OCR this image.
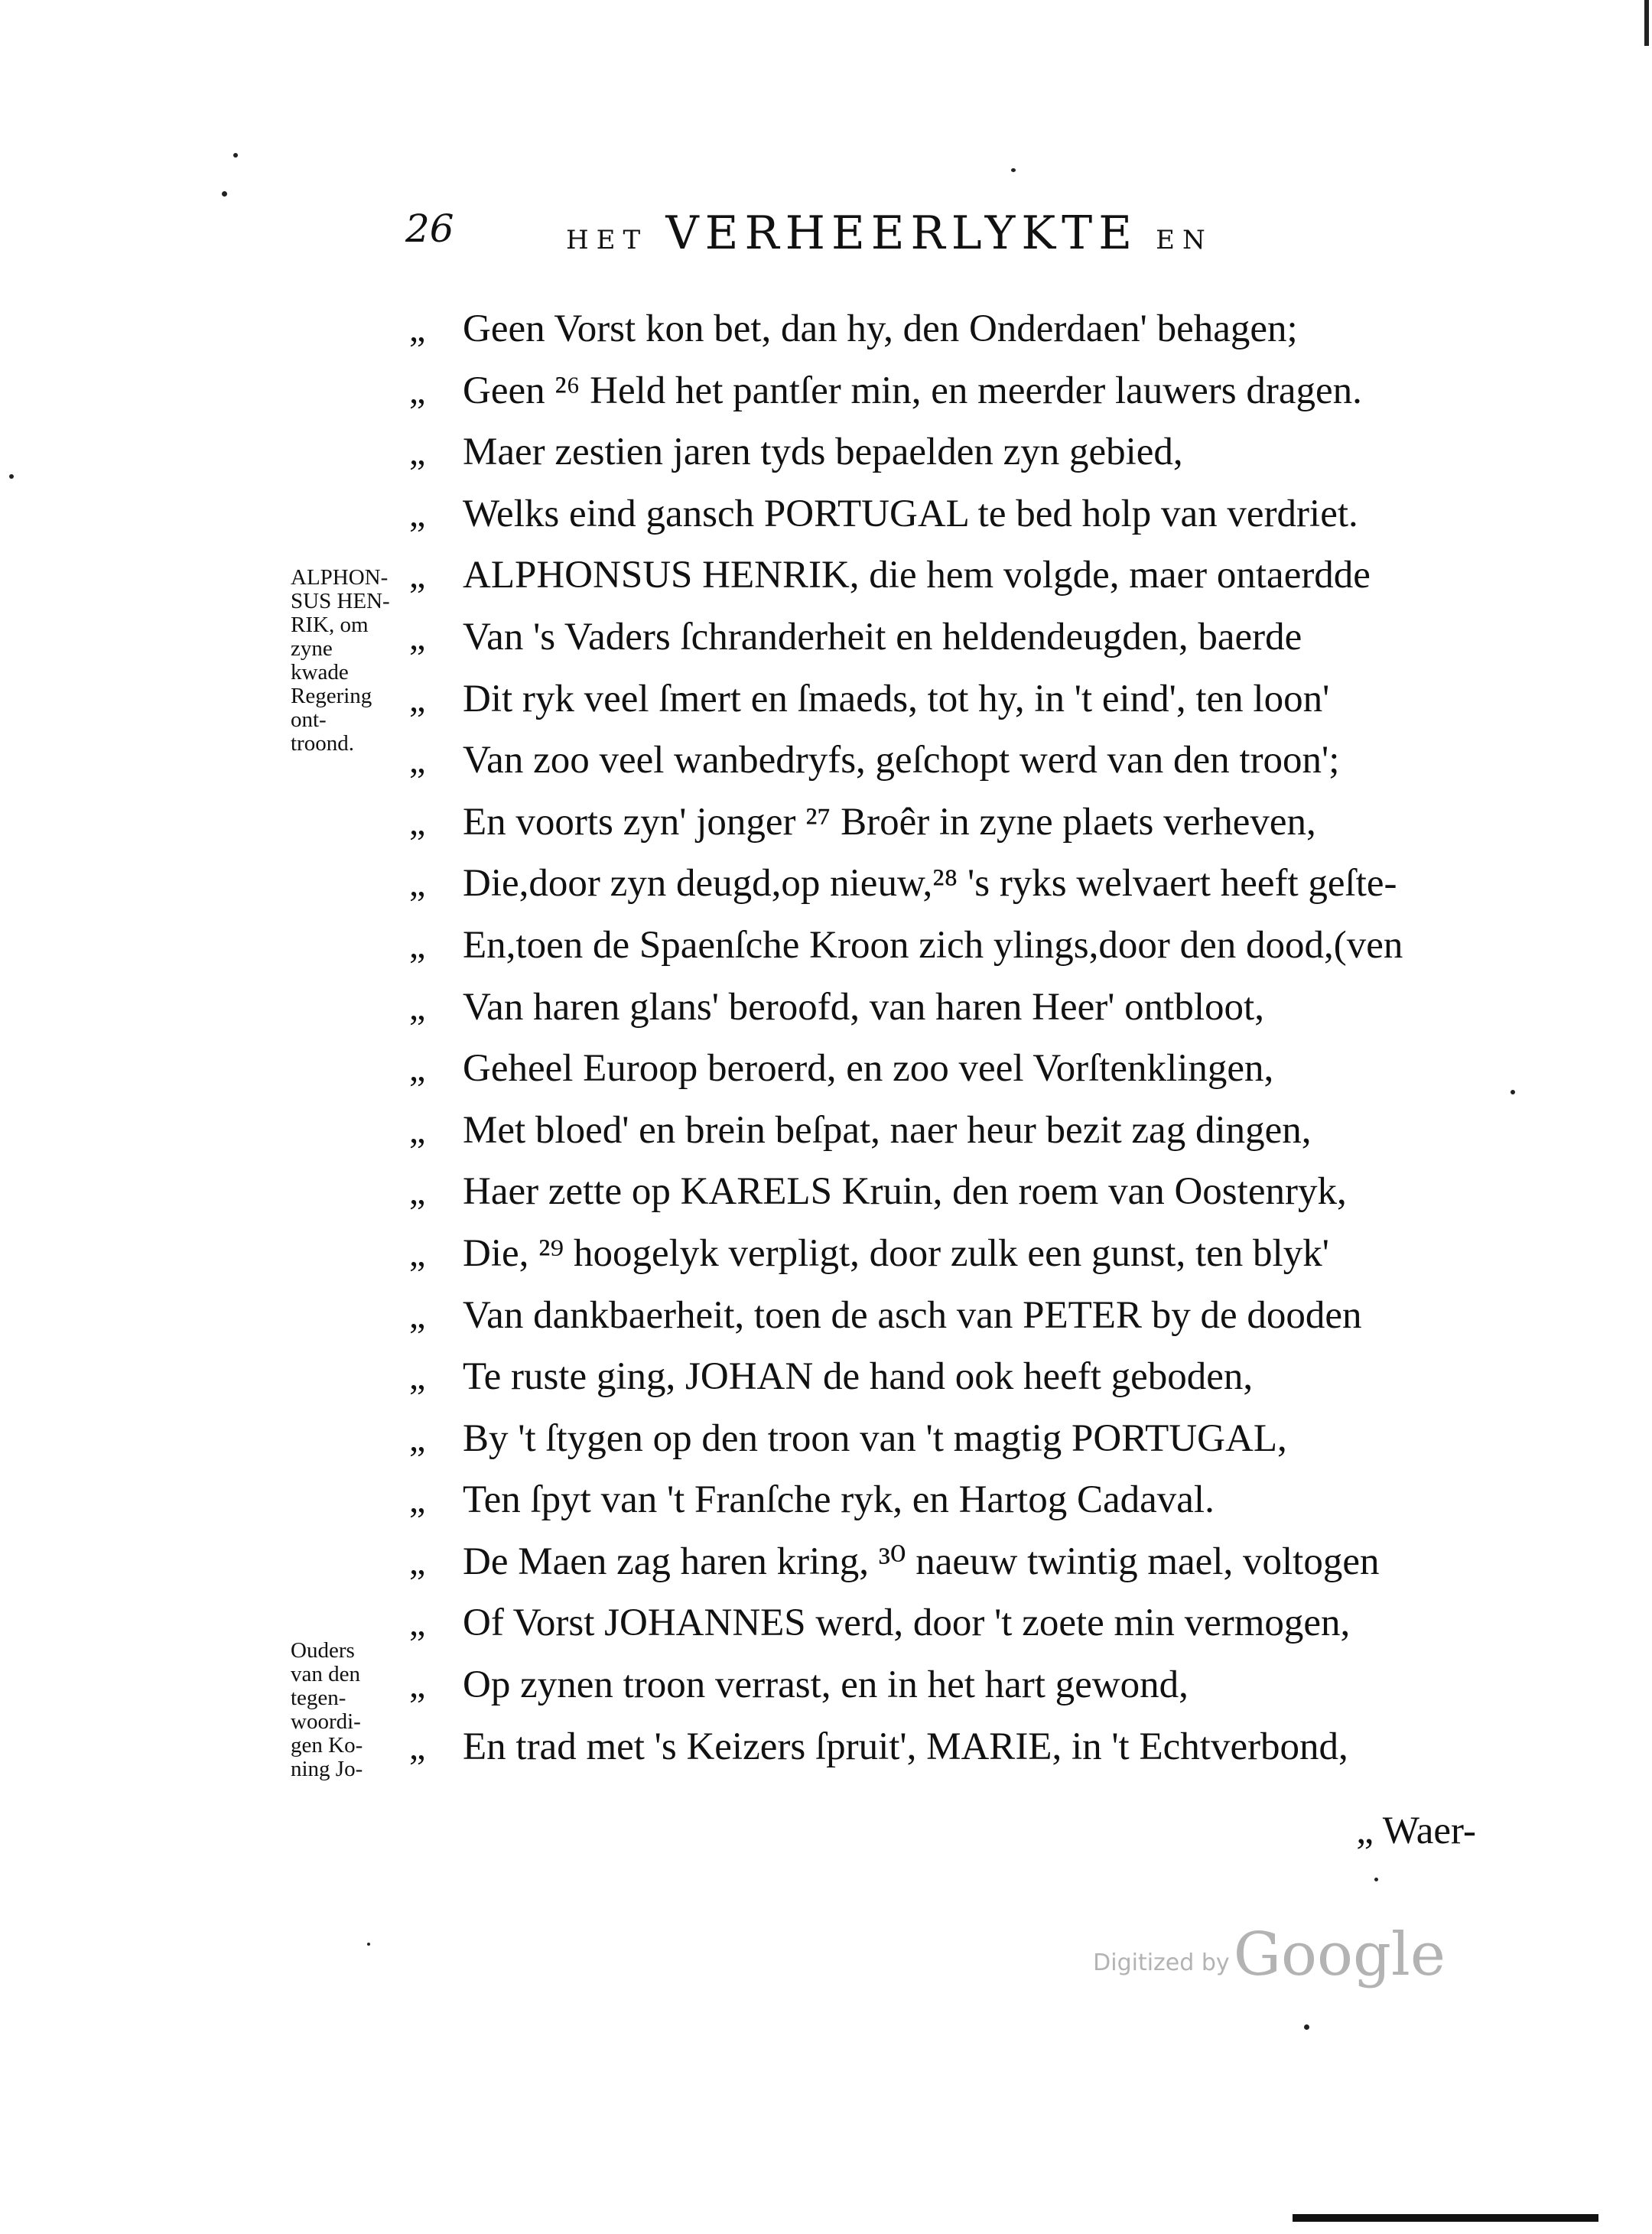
26	HET VERHEERLYKTE EN
ALPHON-
SUS HEN-
RIK, om
zyne
kwade
Regering
ont-
troond.
Ouders
van den
tegen-
woordi-
gen Ko-
ning Jo-
„ Geen Vorst kon bet, dan hy, den Onderdaen' behagen;
„ Geen ²⁶ Held het pantſer min, en meerder lauwers dragen.
„ Maer zestien jaren tyds bepaelden zyn gebied,
„ Welks eind gansch PORTUGAL te bed holp van verdriet.
„ ALPHONSUS HENRIK, die hem volgde, maer ontaerdde
„ Van 's Vaders ſchranderheit en heldendeugden, baerde
„ Dit ryk veel ſmert en ſmaeds, tot hy, in 't eind', ten loon'
„ Van zoo veel wanbedryfs, geſchopt werd van den troon';
„ En voorts zyn' jonger ²⁷ Broêr in zyne plaets verheven,
„ Die,door zyn deugd,op nieuw,²⁸ 's ryks welvaert heeft geſte-
„ En,toen de Spaenſche Kroon zich ylings,door den dood,(ven
„ Van haren glans' beroofd, van haren Heer' ontbloot,
„ Geheel Euroop beroerd, en zoo veel Vorſtenklingen,
„ Met bloed' en brein beſpat, naer heur bezit zag dingen,
„ Haer zette op KARELS Kruin, den roem van Oostenryk,
„ Die, ²⁹ hoogelyk verpligt, door zulk een gunst, ten blyk'
„ Van dankbaerheit, toen de asch van PETER by de dooden
„ Te ruste ging, JOHAN de hand ook heeft geboden,
„ By 't ſtygen op den troon van 't magtig PORTUGAL,
„ Ten ſpyt van 't Franſche ryk, en Hartog Cadaval.
„ De Maen zag haren kring, ³⁰ naeuw twintig mael, voltogen
„ Of Vorst JOHANNES werd, door 't zoete min vermogen,
„ Op zynen troon verrast, en in het hart gewond,
„ En trad met 's Keizers ſpruit', MARIE, in 't Echtverbond,
„ Waer-
Digitized by Google
